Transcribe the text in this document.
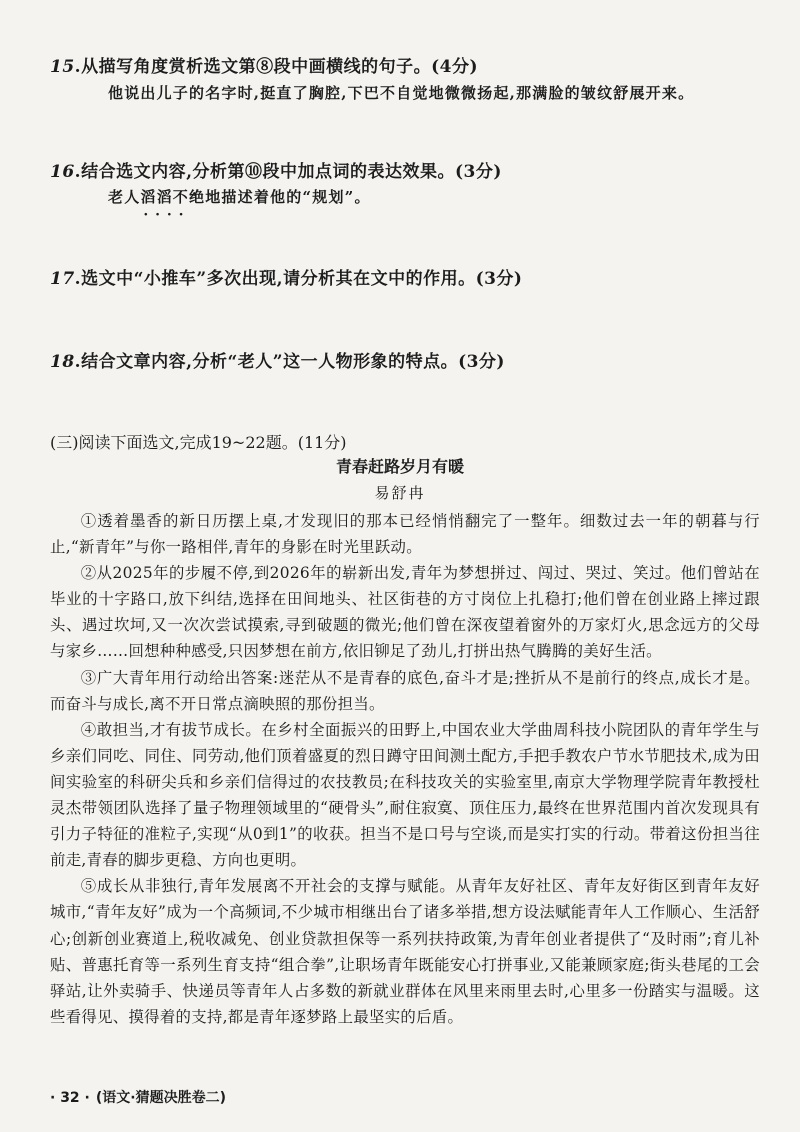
15.从描写角度赏析选文第⑧段中画横线的句子。(4分)
他说出儿子的名字时,挺直了胸腔,下巴不自觉地微微扬起,那满脸的皱纹舒展开来。
16.结合选文内容,分析第⑩段中加点词的表达效果。(3分)
老人滔滔不绝 · · · ·地描述着他的“规划”。
17.选文中“小推车”多次出现,请分析其在文中的作用。(3分)
18.结合文章内容,分析“老人”这一人物形象的特点。(3分)
(三)阅读下面选文,完成19~22题。(11分)
青春赶路岁月有暖
易舒冉

①透着墨香的新日历摆上桌,才发现旧的那本已经悄悄翻完了一整年。细数过去一年的朝暮与行止,“新青年”与你一路相伴,青年的身影在时光里跃动。

②从2025年的步履不停,到2026年的崭新出发,青年为梦想拼过、闯过、哭过、笑过。他们曾站在毕业的十字路口,放下纠结,选择在田间地头、社区街巷的方寸岗位上扎稳打;他们曾在创业路上摔过跟头、遇过坎坷,又一次次尝试摸索,寻到破题的微光;他们曾在深夜望着窗外的万家灯火,思念远方的父母与家乡……回想种种感受,只因梦想在前方,依旧铆足了劲儿,打拼出热气腾腾的美好生活。

③广大青年用行动给出答案:迷茫从不是青春的底色,奋斗才是;挫折从不是前行的终点,成长才是。而奋斗与成长,离不开日常点滴映照的那份担当。

④敢担当,才有拔节成长。在乡村全面振兴的田野上,中国农业大学曲周科技小院团队的青年学生与乡亲们同吃、同住、同劳动,他们顶着盛夏的烈日蹲守田间测土配方,手把手教农户节水节肥技术,成为田间实验室的科研尖兵和乡亲们信得过的农技教员;在科技攻关的实验室里,南京大学物理学院青年教授杜灵杰带领团队选择了量子物理领域里的“硬骨头”,耐住寂寞、顶住压力,最终在世界范围内首次发现具有引力子特征的准粒子,实现“从0到1”的收获。担当不是口号与空谈,而是实打实的行动。带着这份担当往前走,青春的脚步更稳、方向也更明。

⑤成长从非独行,青年发展离不开社会的支撑与赋能。从青年友好社区、青年友好街区到青年友好城市,“青年友好”成为一个高频词,不少城市相继出台了诸多举措,想方设法赋能青年人工作顺心、生活舒心;创新创业赛道上,税收减免、创业贷款担保等一系列扶持政策,为青年创业者提供了“及时雨”;育儿补贴、普惠托育等一系列生育支持“组合拳”,让职场青年既能安心打拼事业,又能兼顾家庭;街头巷尾的工会驿站,让外卖骑手、快递员等青年人占多数的新就业群体在风里来雨里去时,心里多一份踏实与温暖。这些看得见、摸得着的支持,都是青年逐梦路上最坚实的后盾。

· 32 · (语文·猜题决胜卷二)
